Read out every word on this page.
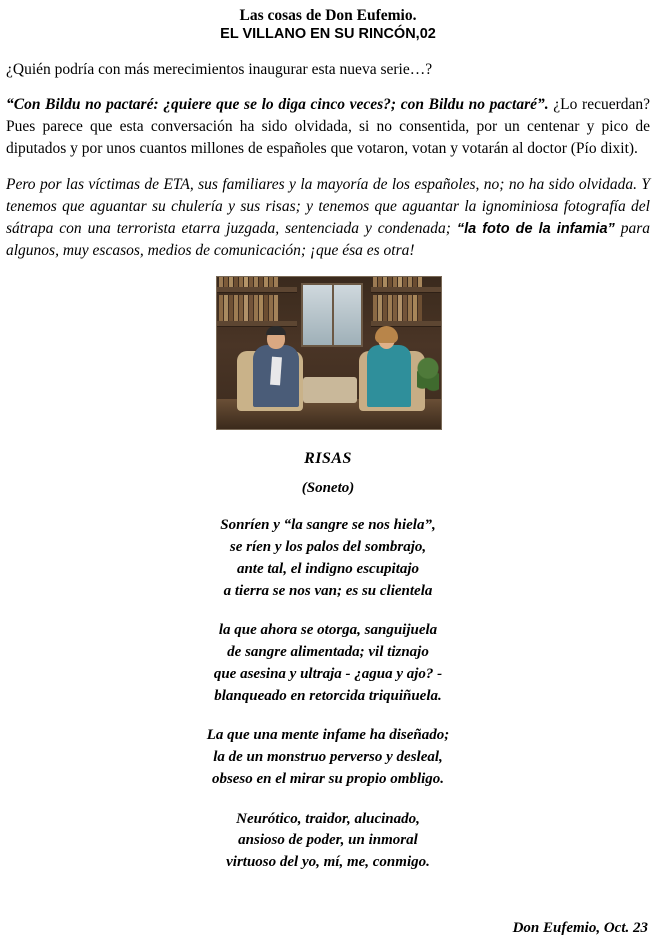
Las cosas de Don Eufemio.
EL VILLANO EN SU RINCÓN,02
¿Quién podría con más merecimientos inaugurar esta nueva serie…?
“Con Bildu no pactaré: ¿quiere que se lo diga cinco veces?; con Bildu no pactaré”. ¿Lo recuerdan? Pues parece que esta conversación ha sido olvidada, si no consentida, por un centenar y pico de diputados y por unos cuantos millones de españoles que votaron, votan y votarán al doctor (Pío dixit).
Pero por las víctimas de ETA, sus familiares y la mayoría de los españoles, no; no ha sido olvidada. Y tenemos que aguantar su chulería y sus risas; y tenemos que aguantar la ignominiosa fotografía del sátrapa con una terrorista etarra juzgada, sentenciada y condenada; “la foto de la infamia” para algunos, muy escasos, medios de comunicación; ¡que ésa es otra!
RISAS
(Soneto)
Sonríen y “la sangre se nos hiela”,
se ríen y los palos del sombrajo,
ante tal, el indigno escupitajo
a tierra se nos van; es su clientela
la que ahora se otorga, sanguijuela
de sangre alimentada; vil tiznajo
que asesina y ultraja - ¿agua y ajo? -
blanqueado en retorcida triquiñuela.
La que una mente infame ha diseñado;
la de un monstruo perverso y desleal,
obseso en el mirar su propio ombligo.
Neurótico, traidor, alucinado,
ansioso de poder, un inmoral
virtuoso del yo, mí, me, conmigo.
Don Eufemio, Oct. 23
